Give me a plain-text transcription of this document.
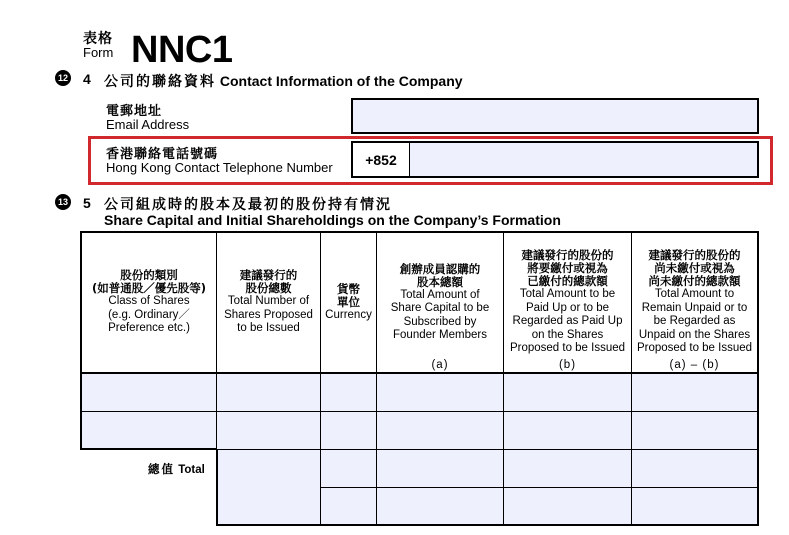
表格
Form NNC1
12 4 公司的聯絡資料 Contact Information of the Company
電郵地址
Email Address
香港聯絡電話號碼
Hong Kong Contact Telephone Number	+852
13 5 公司組成時的股本及最初的股份持有情況
Share Capital and Initial Shareholdings on the Company’s Formation
股份的類別
(如普通股／優先股等)
Class of Shares
(e.g. Ordinary／
Preference etc.)
建議發行的
股份總數
Total Number of
Shares Proposed
to be Issued
貨幣
單位
Currency
創辦成員認購的
股本總額
Total Amount of
Share Capital to be
Subscribed by
Founder Members
(a)
建議發行的股份的
將要繳付或視為
已繳付的總款額
Total Amount to be
Paid Up or to be
Regarded as Paid Up
on the Shares
Proposed to be Issued
(b)
建議發行的股份的
尚未繳付或視為
尚未繳付的總款額
Total Amount to
Remain Unpaid or to
be Regarded as
Unpaid on the Shares
Proposed to be Issued
(a) – (b)
總值 Total
